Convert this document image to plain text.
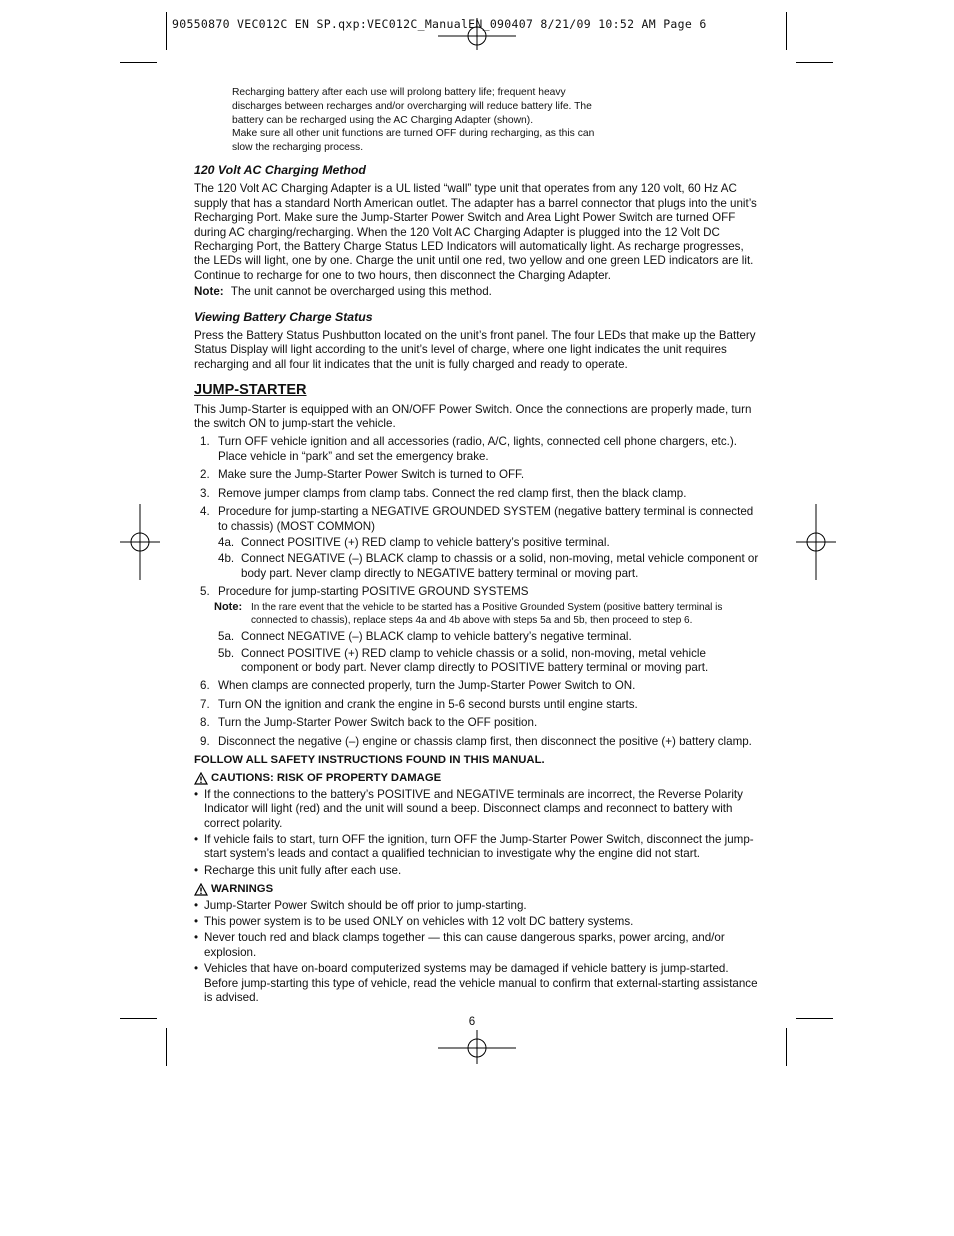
90550870 VEC012C EN SP.qxp:VEC012C_ManualEN_090407 8/21/09 10:52 AM Page 6

Recharging battery after each use will prolong battery life; frequent heavy discharges between recharges and/or overcharging will reduce battery life. The battery can be recharged using the AC Charging Adapter (shown).

Make sure all other unit functions are turned OFF during recharging, as this can slow the recharging process.

120 Volt AC Charging Method

The 120 Volt AC Charging Adapter is a UL listed “wall” type unit that operates from any 120 volt, 60 Hz AC supply that has a standard North American outlet. The adapter has a barrel connector that plugs into the unit’s Recharging Port. Make sure the Jump-Starter Power Switch and Area Light Power Switch are turned OFF during AC charging/recharging. When the 120 Volt AC Charging Adapter is plugged into the 12 Volt DC Recharging Port, the Battery Charge Status LED Indicators will automatically light. As recharge progresses, the LEDs will light, one by one. Charge the unit until one red, two yellow and one green LED indicators are lit. Continue to recharge for one to two hours, then disconnect the Charging Adapter.

Note: The unit cannot be overcharged using this method.

Viewing Battery Charge Status

Press the Battery Status Pushbutton located on the unit’s front panel. The four LEDs that make up the Battery Status Display will light according to the unit’s level of charge, where one light indicates the unit requires recharging and all four lit indicates that the unit is fully charged and ready to operate.

JUMP-STARTER

This Jump-Starter is equipped with an ON/OFF Power Switch. Once the connections are properly made, turn the switch ON to jump-start the vehicle.

1. Turn OFF vehicle ignition and all accessories (radio, A/C, lights, connected cell phone chargers, etc.). Place vehicle in “park” and set the emergency brake.
2. Make sure the Jump-Starter Power Switch is turned to OFF.
3. Remove jumper clamps from clamp tabs. Connect the red clamp first, then the black clamp.
4. Procedure for jump-starting a NEGATIVE GROUNDED SYSTEM (negative battery terminal is connected to chassis) (MOST COMMON)
4a. Connect POSITIVE (+) RED clamp to vehicle battery’s positive terminal.
4b. Connect NEGATIVE (–) BLACK clamp to chassis or a solid, non-moving, metal vehicle component or body part. Never clamp directly to NEGATIVE battery terminal or moving part.
5. Procedure for jump-starting POSITIVE GROUND SYSTEMS
Note: In the rare event that the vehicle to be started has a Positive Grounded System (positive battery terminal is connected to chassis), replace steps 4a and 4b above with steps 5a and 5b, then proceed to step 6.
5a. Connect NEGATIVE (–) BLACK clamp to vehicle battery’s negative terminal.
5b. Connect POSITIVE (+) RED clamp to vehicle chassis or a solid, non-moving, metal vehicle component or body part. Never clamp directly to POSITIVE battery terminal or moving part.
6. When clamps are connected properly, turn the Jump-Starter Power Switch to ON.
7. Turn ON the ignition and crank the engine in 5-6 second bursts until engine starts.
8. Turn the Jump-Starter Power Switch back to the OFF position.
9. Disconnect the negative (–) engine or chassis clamp first, then disconnect the positive (+) battery clamp.

FOLLOW ALL SAFETY INSTRUCTIONS FOUND IN THIS MANUAL.

CAUTIONS: RISK OF PROPERTY DAMAGE
• If the connections to the battery’s POSITIVE and NEGATIVE terminals are incorrect, the Reverse Polarity Indicator will light (red) and the unit will sound a beep. Disconnect clamps and reconnect to battery with correct polarity.
• If vehicle fails to start, turn OFF the ignition, turn OFF the Jump-Starter Power Switch, disconnect the jump-start system’s leads and contact a qualified technician to investigate why the engine did not start.
• Recharge this unit fully after each use.
WARNINGS
• Jump-Starter Power Switch should be off prior to jump-starting.
• This power system is to be used ONLY on vehicles with 12 volt DC battery systems.
• Never touch red and black clamps together — this can cause dangerous sparks, power arcing, and/or explosion.
• Vehicles that have on-board computerized systems may be damaged if vehicle battery is jump-started. Before jump-starting this type of vehicle, read the vehicle manual to confirm that external-starting assistance is advised.
6
